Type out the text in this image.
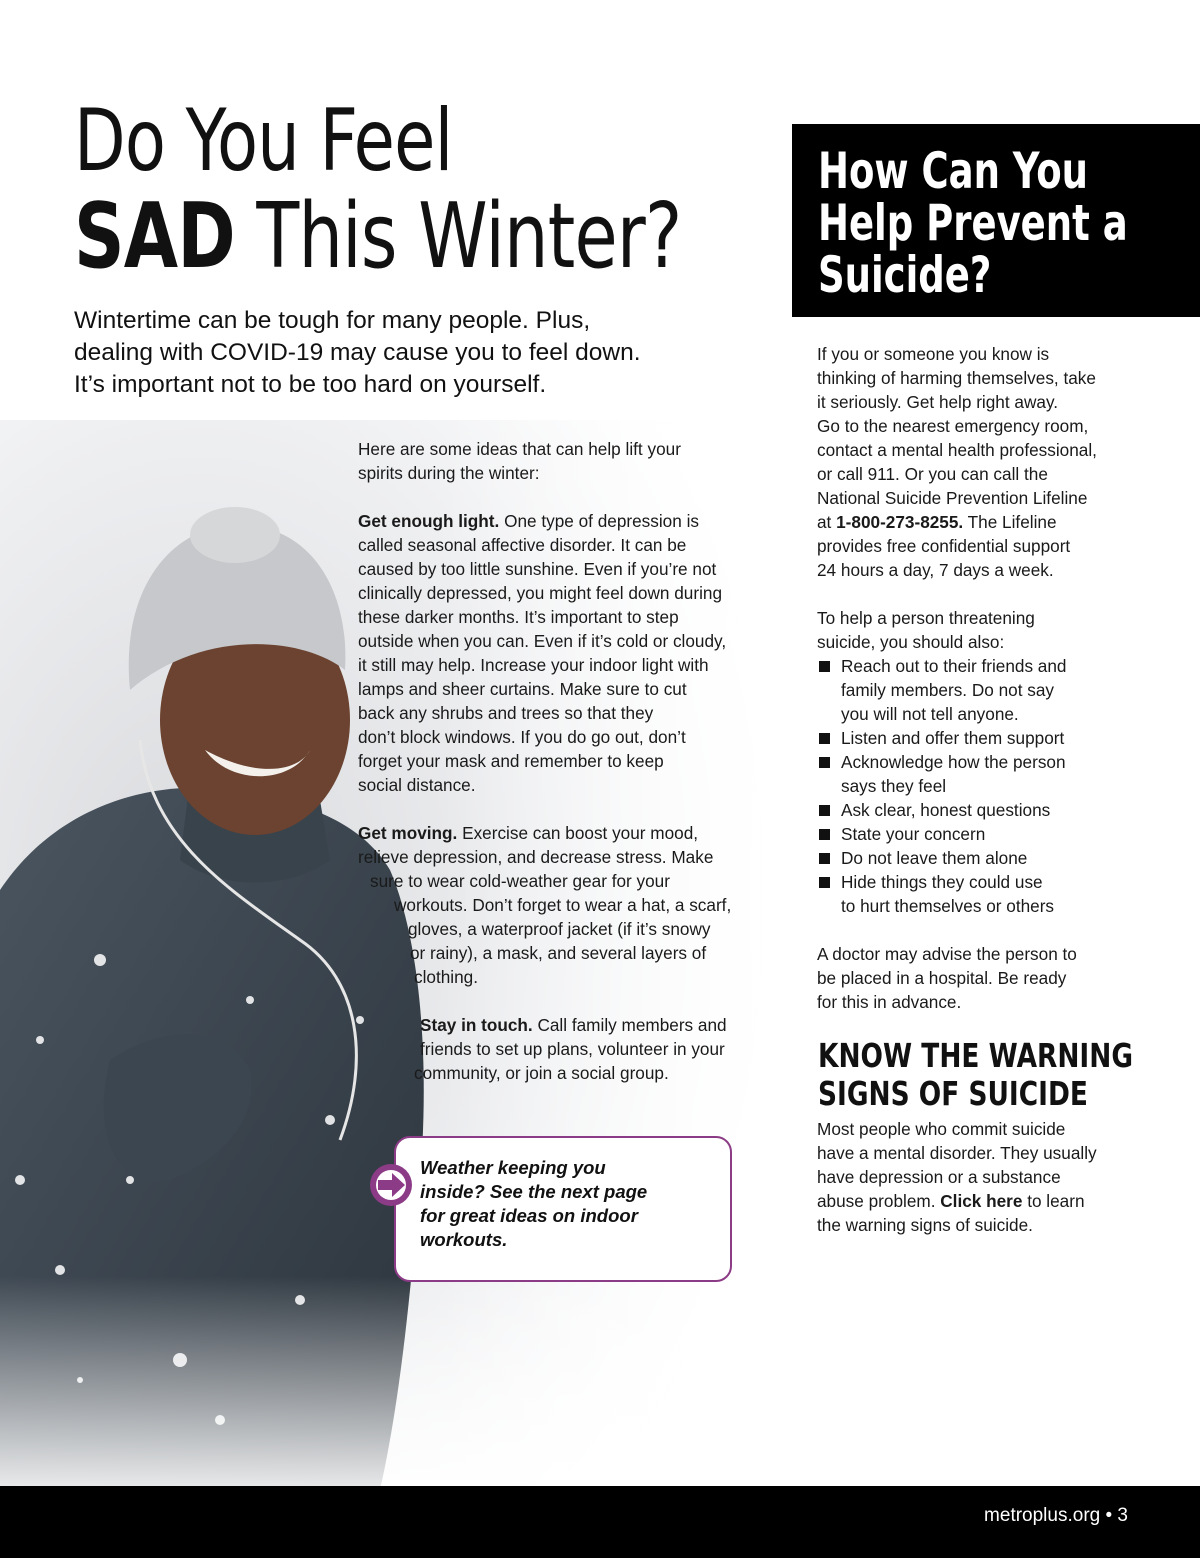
Do You Feel
SAD This Winter?
Wintertime can be tough for many people. Plus,
dealing with COVID-19 may cause you to feel down.
It’s important not to be too hard on yourself.

Here are some ideas that can help lift your
spirits during the winter:

Get enough light. One type of depression is
called seasonal affective disorder. It can be
caused by too little sunshine. Even if you’re not
clinically depressed, you might feel down during
these darker months. It’s important to step
outside when you can. Even if it’s cold or cloudy,
it still may help. Increase your indoor light with
lamps and sheer curtains. Make sure to cut
back any shrubs and trees so that they
don’t block windows. If you do go out, don’t
forget your mask and remember to keep
social distance.

Get moving. Exercise can boost your mood,
relieve depression, and decrease stress. Make
sure to wear cold-weather gear for your
workouts. Don’t forget to wear a hat, a scarf,
gloves, a waterproof jacket (if it’s snowy
or rainy), a mask, and several layers of
clothing.

Stay in touch. Call family members and
friends to set up plans, volunteer in your
community, or join a social group.

Weather keeping you
inside? See the next page
for great ideas on indoor
workouts.
How Can You
Help Prevent a
Suicide?

If you or someone you know is
thinking of harming themselves, take
it seriously. Get help right away.
Go to the nearest emergency room,
contact a mental health professional,
or call 911. Or you can call the
National Suicide Prevention Lifeline
at 1-800-273-8255. The Lifeline
provides free confidential support
24 hours a day, 7 days a week.

To help a person threatening
suicide, you should also:
Reach out to their friends and
family members. Do not say
you will not tell anyone.
Listen and offer them support
Acknowledge how the person
says they feel
Ask clear, honest questions
State your concern
Do not leave them alone
Hide things they could use
to hurt themselves or others

A doctor may advise the person to
be placed in a hospital. Be ready
for this in advance.

KNOW THE WARNING
SIGNS OF SUICIDE
Most people who commit suicide
have a mental disorder. They usually
have depression or a substance
abuse problem. Click here to learn
the warning signs of suicide.
metroplus.org • 3
